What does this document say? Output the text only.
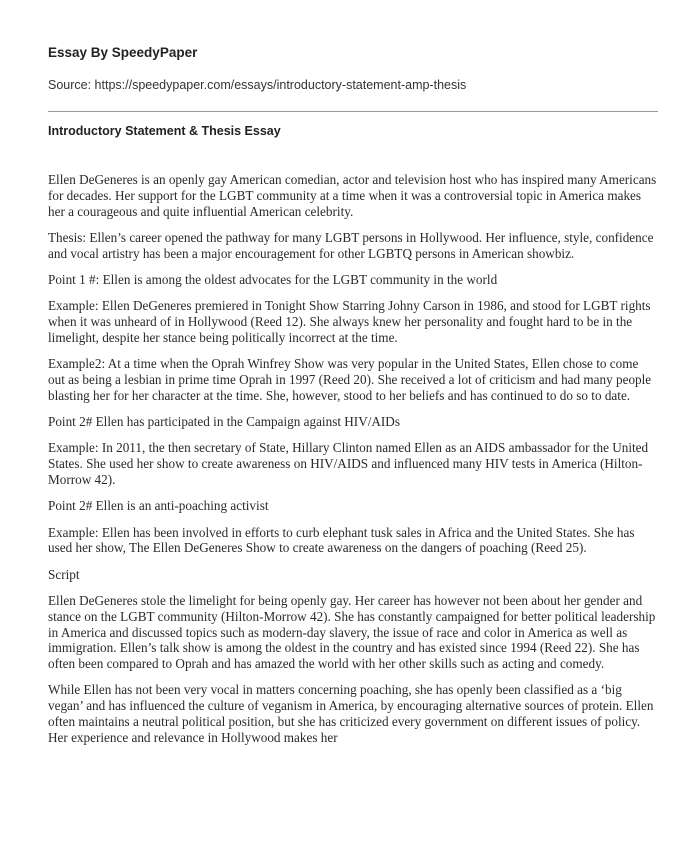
Essay By SpeedyPaper
Source: https://speedypaper.com/essays/introductory-statement-amp-thesis
Introductory Statement & Thesis Essay

Ellen DeGeneres is an openly gay American comedian, actor and television host who has inspired many Americans for decades. Her support for the LGBT community at a time when it was a controversial topic in America makes her a courageous and quite influential American celebrity.

Thesis: Ellen’s career opened the pathway for many LGBT persons in Hollywood. Her influence, style, confidence and vocal artistry has been a major encouragement for other LGBTQ persons in American showbiz.

Point 1 #: Ellen is among the oldest advocates for the LGBT community in the world

Example: Ellen DeGeneres premiered in Tonight Show Starring Johny Carson in 1986, and stood for LGBT rights when it was unheard of in Hollywood (Reed 12). She always knew her personality and fought hard to be in the limelight, despite her stance being politically incorrect at the time.

Example2: At a time when the Oprah Winfrey Show was very popular in the United States, Ellen chose to come out as being a lesbian in prime time Oprah in 1997 (Reed 20). She received a lot of criticism and had many people blasting her for her character at the time. She, however, stood to her beliefs and has continued to do so to date.

Point 2# Ellen has participated in the Campaign against HIV/AIDs

Example: In 2011, the then secretary of State, Hillary Clinton named Ellen as an AIDS ambassador for the United States. She used her show to create awareness on HIV/AIDS and influenced many HIV tests in America (Hilton-Morrow 42).

Point 2# Ellen is an anti-poaching activist

Example: Ellen has been involved in efforts to curb elephant tusk sales in Africa and the United States. She has used her show, The Ellen DeGeneres Show to create awareness on the dangers of poaching (Reed 25).

Script

Ellen DeGeneres stole the limelight for being openly gay. Her career has however not been about her gender and stance on the LGBT community (Hilton-Morrow 42). She has constantly campaigned for better political leadership in America and discussed topics such as modern-day slavery, the issue of race and color in America as well as immigration. Ellen’s talk show is among the oldest in the country and has existed since 1994 (Reed 22). She has often been compared to Oprah and has amazed the world with her other skills such as acting and comedy.

While Ellen has not been very vocal in matters concerning poaching, she has openly been classified as a ‘big vegan’ and has influenced the culture of veganism in America, by encouraging alternative sources of protein. Ellen often maintains a neutral political position, but she has criticized every government on different issues of policy. Her experience and relevance in Hollywood makes her
